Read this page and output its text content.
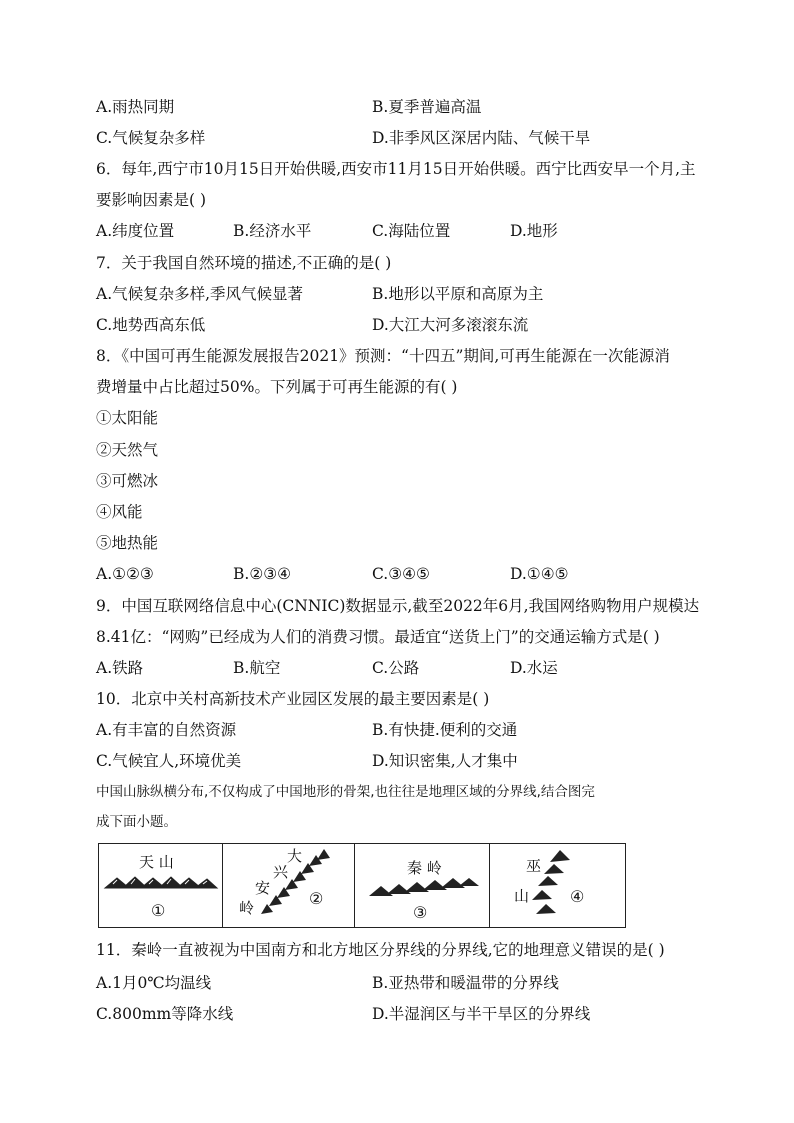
A.雨热同期	B.夏季普遍高温
C.气候复杂多样	D.非季风区深居内陆、气候干旱
6．每年,西宁市10月15日开始供暖,西安市11月15日开始供暖。西宁比西安早一个月,主
要影响因素是( )
A.纬度位置	B.经济水平	C.海陆位置	D.地形
7．关于我国自然环境的描述,不正确的是( )
A.气候复杂多样,季风气候显著	B.地形以平原和高原为主
C.地势西高东低	D.大江大河多滚滚东流
8．《中国可再生能源发展报告2021》预测：“十四五”期间,可再生能源在一次能源消
费增量中占比超过50%。下列属于可再生能源的有( )
①太阳能
②天然气
③可燃冰
④风能
⑤地热能
A.①②③	B.②③④	C.③④⑤	D.①④⑤
9．中国互联网络信息中心(CNNIC)数据显示,截至2022年6月,我国网络购物用户规模达
8.41亿：“网购”已经成为人们的消费习惯。最适宜“送货上门”的交通运输方式是( )
A.铁路	B.航空	C.公路	D.水运
10．北京中关村高新技术产业园区发展的最主要因素是( )
A.有丰富的自然资源	B.有快捷.便利的交通
C.气候宜人,环境优美	D.知识密集,人才集中
中国山脉纵横分布,不仅构成了中国地形的骨架,也往往是地理区域的分界线,结合图完
成下面小题。
天 山
①
大
兴
安
岭	②
秦 岭
③
巫
山	④
11．秦岭一直被视为中国南方和北方地区分界线的分界线,它的地理意义错误的是( )
A.1月0℃均温线	B.亚热带和暖温带的分界线
C.800mm等降水线	D.半湿润区与半干旱区的分界线
